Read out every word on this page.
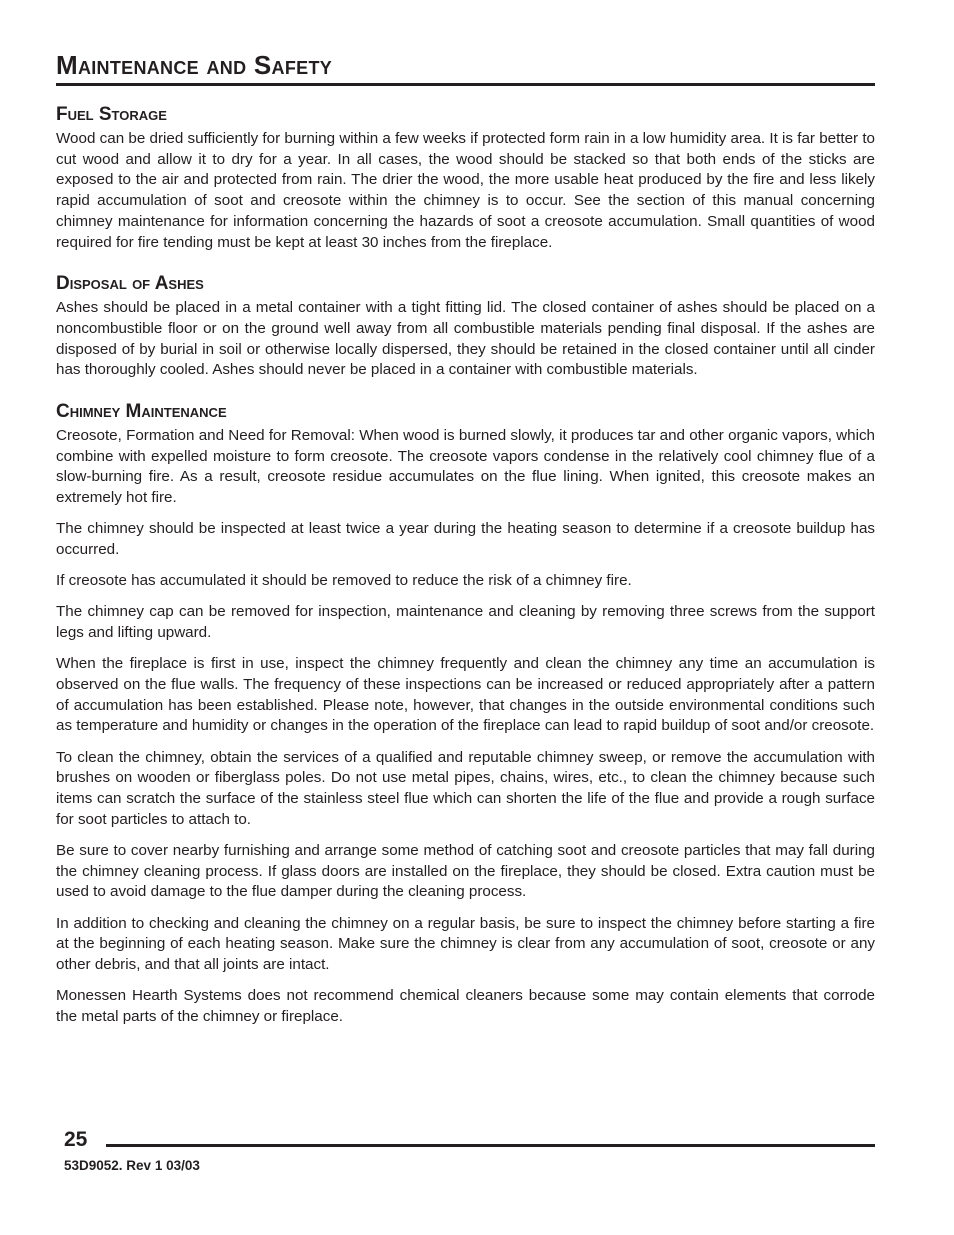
Maintenance and Safety
Fuel Storage

Wood can be dried sufficiently for burning within a few weeks if protected form rain in a low humidity area. It is far better to cut wood and allow it to dry for a year. In all cases, the wood should be stacked so that both ends of the sticks are exposed to the air and protected from rain. The drier the wood, the more usable heat produced by the fire and less likely rapid accumulation of soot and creosote within the chimney is to occur. See the section of this manual concerning chimney maintenance for information concerning the hazards of soot a creosote accumulation. Small quantities of wood required for fire tending must be kept at least 30 inches from the fireplace.

Disposal of Ashes

Ashes should be placed in a metal container with a tight fitting lid. The closed container of ashes should be placed on a noncombustible floor or on the ground well away from all combustible materials pending final disposal. If the ashes are disposed of by burial in soil or otherwise locally dispersed, they should be retained in the closed container until all cinder has thoroughly cooled. Ashes should never be placed in a container with combustible materials.

Chimney Maintenance

Creosote, Formation and Need for Removal: When wood is burned slowly, it produces tar and other organic vapors, which combine with expelled moisture to form creosote. The creosote vapors condense in the relatively cool chimney flue of a slow-burning fire. As a result, creosote residue accumulates on the flue lining. When ignited, this creosote makes an extremely hot fire.

The chimney should be inspected at least twice a year during the heating season to determine if a creosote buildup has occurred.

If creosote has accumulated it should be removed to reduce the risk of a chimney fire.

The chimney cap can be removed for inspection, maintenance and cleaning by removing three screws from the support legs and lifting upward.

When the fireplace is first in use, inspect the chimney frequently and clean the chimney any time an accumulation is observed on the flue walls. The frequency of these inspections can be increased or reduced appropriately after a pattern of accumulation has been established. Please note, however, that changes in the outside environmental conditions such as temperature and humidity or changes in the operation of the fireplace can lead to rapid buildup of soot and/or creosote.

To clean the chimney, obtain the services of a qualified and reputable chimney sweep, or remove the accumulation with brushes on wooden or fiberglass poles. Do not use metal pipes, chains, wires, etc., to clean the chimney because such items can scratch the surface of the stainless steel flue which can shorten the life of the flue and provide a rough surface for soot particles to attach to.

Be sure to cover nearby furnishing and arrange some method of catching soot and creosote particles that may fall during the chimney cleaning process. If glass doors are installed on the fireplace, they should be closed. Extra caution must be used to avoid damage to the flue damper during the cleaning process.

In addition to checking and cleaning the chimney on a regular basis, be sure to inspect the chimney before starting a fire at the beginning of each heating season. Make sure the chimney is clear from any accumulation of soot, creosote or any other debris, and that all joints are intact.

Monessen Hearth Systems does not recommend chemical cleaners because some may contain elements that corrode the metal parts of the chimney or fireplace.

25
53D9052. Rev 1 03/03
